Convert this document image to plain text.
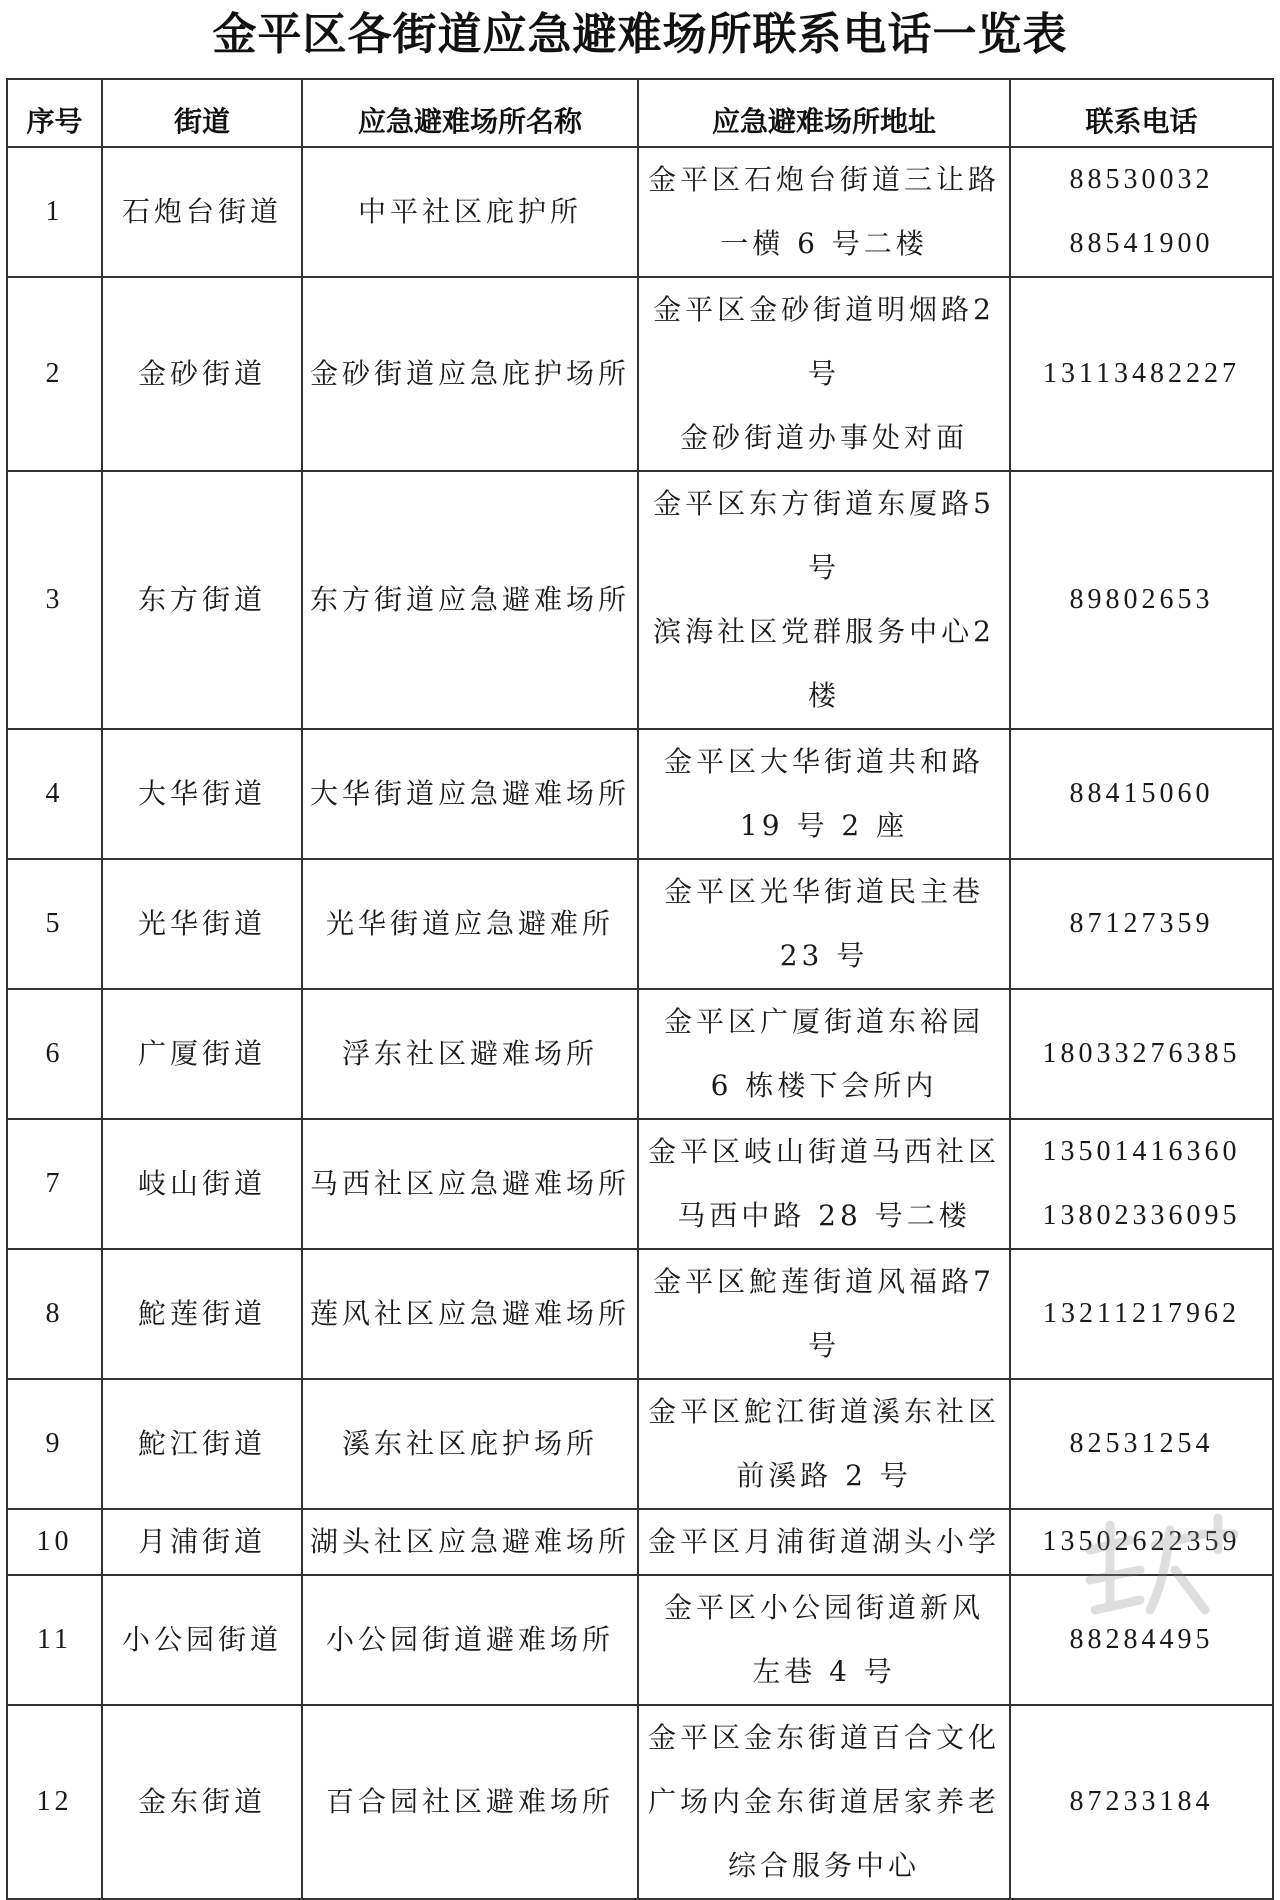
金平区各街道应急避难场所联系电话一览表
序号	街道	应急避难场所名称	应急避难场所地址	联系电话
1	石炮台街道	中平社区庇护所	金平区石炮台街道三让路
一横 6 号二楼	88530032
88541900

2	金砂街道	金砂街道应急庇护场所	金平区金砂街道明烟路2号
金砂街道办事处对面	13113482227

3	东方街道	东方街道应急避难场所	金平区东方街道东厦路5号
滨海社区党群服务中心2楼	89802653

4	大华街道	大华街道应急避难场所	金平区大华街道共和路
19 号 2 座	88415060

5	光华街道	光华街道应急避难所	金平区光华街道民主巷
23 号	87127359

6	广厦街道	浮东社区避难场所	金平区广厦街道东裕园
6 栋楼下会所内	18033276385

7	岐山街道	马西社区应急避难场所	金平区岐山街道马西社区
马西中路 28 号二楼	13501416360
13802336095

8	鮀莲街道	莲风社区应急避难场所	金平区鮀莲街道风福路7号	13211217962

9	鮀江街道	溪东社区庇护场所	金平区鮀江街道溪东社区
前溪路 2 号	82531254

10	月浦街道	湖头社区应急避难场所	金平区月浦街道湖头小学	13502622359

11	小公园街道	小公园街道避难场所	金平区小公园街道新风
左巷 4 号	88284495

12	金东街道	百合园社区避难场所	金平区金东街道百合文化
广场内金东街道居家养老
综合服务中心	87233184
